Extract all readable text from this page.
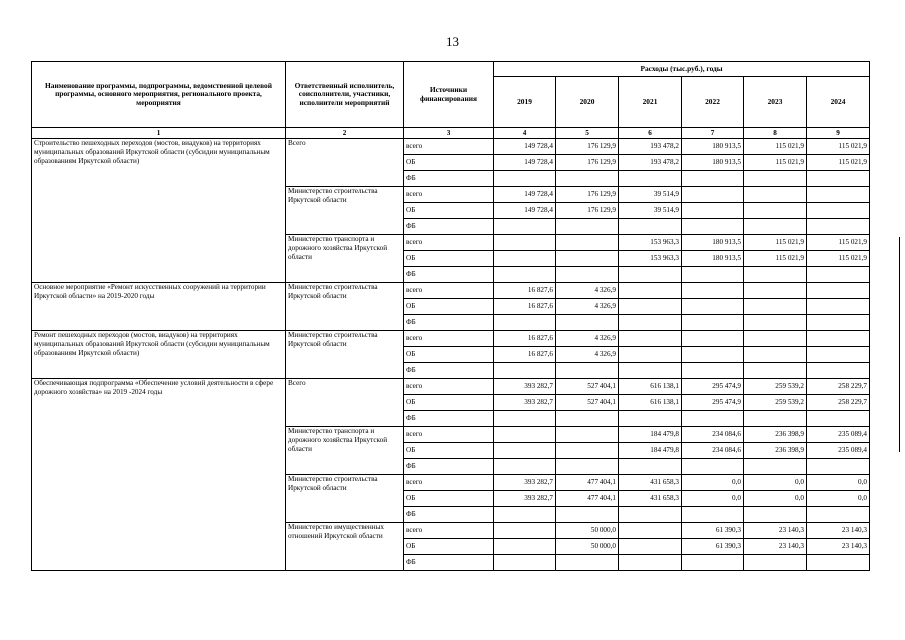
13
Наименование программы, подпрограммы, ведомственной целевой программы, основного мероприятия, регионального проекта, мероприятия	Ответственный исполнитель, соисполнители, участники, исполнители мероприятий	Источники финансирования	Расходы (тыс.руб.), годы					
			2019	2020	2021	2022	2023	2024
1	2	3	4	5	6	7	8	9
Строительство пешеходных переходов (мостов, виадуков) на территориях муниципальных образований Иркутской области (субсидии муниципальным образованиям Иркутской области)	Всего	всего	149 728,4	176 129,9	193 478,2	180 913,5	115 021,9	115 021,9
		ОБ	149 728,4	176 129,9	193 478,2	180 913,5	115 021,9	115 021,9
		ФБ						
	Министерство строительства Иркутской области	всего	149 728,4	176 129,9	39 514,9			
		ОБ	149 728,4	176 129,9	39 514,9			
		ФБ						
	Министерство транспорта и дорожного хозяйства Иркутской области	всего			153 963,3	180 913,5	115 021,9	115 021,9
		ОБ			153 963,3	180 913,5	115 021,9	115 021,9
		ФБ						
Основное мероприятие «Ремонт искусственных сооружений на территории Иркутской области» на 2019-2020 годы	Министерство строительства Иркутской области	всего	16 827,6	4 326,9				
		ОБ	16 827,6	4 326,9				
		ФБ						
Ремонт пешеходных переходов (мостов, виадуков) на территориях муниципальных образований Иркутской области (субсидии муниципальным образованиям Иркутской области)	Министерство строительства Иркутской области	всего	16 827,6	4 326,9				
		ОБ	16 827,6	4 326,9				
		ФБ						
Обеспечивающая подпрограмма «Обеспечение условий деятельности в сфере дорожного хозяйства» на 2019 -2024 годы	Всего	всего	393 282,7	527 404,1	616 138,1	295 474,9	259 539,2	258 229,7
		ОБ	393 282,7	527 404,1	616 138,1	295 474,9	259 539,2	258 229,7
		ФБ						
	Министерство транспорта и дорожного хозяйства Иркутской области	всего			184 479,8	234 084,6	236 398,9	235 089,4
		ОБ			184 479,8	234 084,6	236 398,9	235 089,4
		ФБ						
	Министерство строительства Иркутской области	всего	393 282,7	477 404,1	431 658,3	0,0	0,0	0,0
		ОБ	393 282,7	477 404,1	431 658,3	0,0	0,0	0,0
		ФБ						
	Министерство имущественных отношений Иркутской области	всего		50 000,0		61 390,3	23 140,3	23 140,3
		ОБ		50 000,0		61 390,3	23 140,3	23 140,3
		ФБ						
